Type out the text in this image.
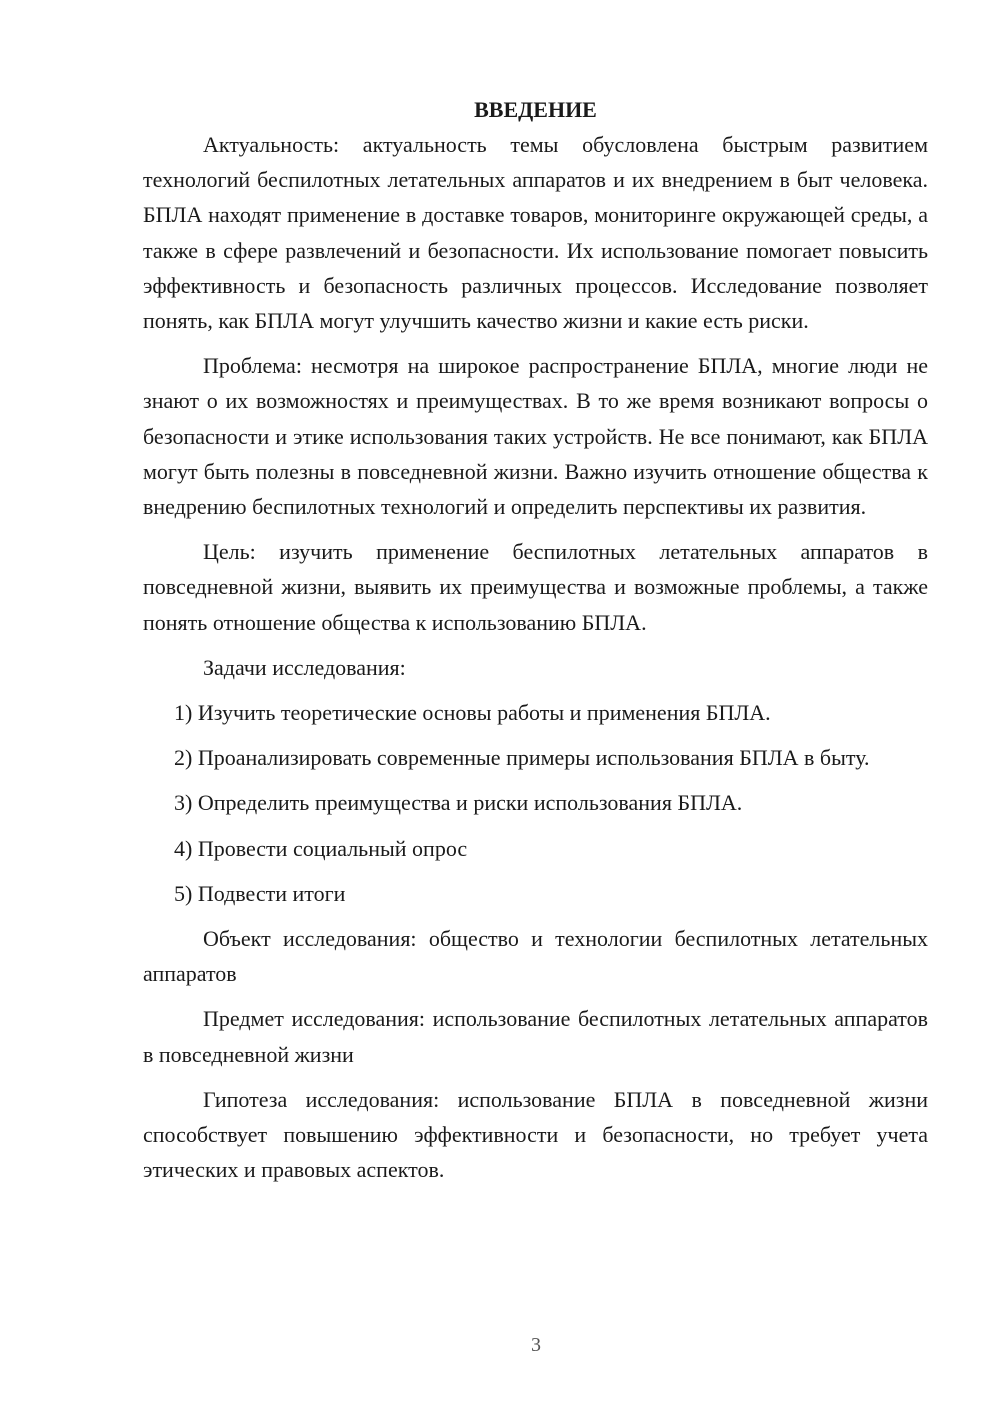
ВВЕДЕНИЕ

Актуальность: актуальность темы обусловлена быстрым развитием технологий беспилотных летательных аппаратов и их внедрением в быт человека. БПЛА находят применение в доставке товаров, мониторинге окружающей среды, а также в сфере развлечений и безопасности. Их использование помогает повысить эффективность и безопасность различных процессов. Исследование позволяет понять, как БПЛА могут улучшить качество жизни и какие есть риски.

Проблема: несмотря на широкое распространение БПЛА, многие люди не знают о их возможностях и преимуществах. В то же время возникают вопросы о безопасности и этике использования таких устройств. Не все понимают, как БПЛА могут быть полезны в повседневной жизни. Важно изучить отношение общества к внедрению беспилотных технологий и определить перспективы их развития.

Цель: изучить применение беспилотных летательных аппаратов в повседневной жизни, выявить их преимущества и возможные проблемы, а также понять отношение общества к использованию БПЛА.

Задачи исследования:

1) Изучить теоретические основы работы и применения БПЛА.

2) Проанализировать современные примеры использования БПЛА в быту.

3) Определить преимущества и риски использования БПЛА.

4) Провести социальный опрос

5) Подвести итоги

Объект исследования: общество и технологии беспилотных летательных аппаратов

Предмет исследования: использование беспилотных летательных аппаратов в повседневной жизни

Гипотеза исследования: использование БПЛА в повседневной жизни способствует повышению эффективности и безопасности, но требует учета этических и правовых аспектов.

3
